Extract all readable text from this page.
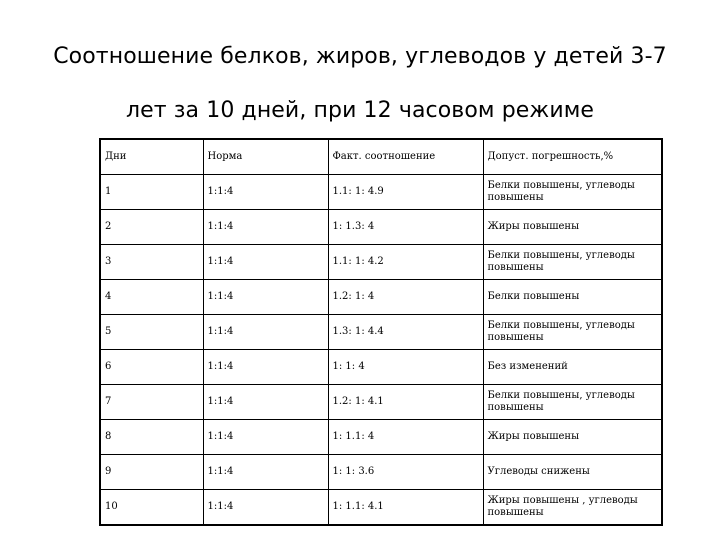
Соотношение белков, жиров, углеводов у детей 3-7
лет за 10 дней, при 12 часовом режиме
Дни	Норма	Факт. соотношение	Допуст. погрешность,%
1	1:1:4	1.1: 1: 4.9	Белки повышены, углеводы повышены
2	1:1:4	1: 1.3: 4	Жиры повышены
3	1:1:4	1.1: 1: 4.2	Белки повышены, углеводы повышены
4	1:1:4	1.2: 1: 4	Белки повышены
5	1:1:4	1.3: 1: 4.4	Белки повышены, углеводы повышены
6	1:1:4	1: 1: 4	Без изменений
7	1:1:4	1.2: 1: 4.1	Белки повышены, углеводы повышены
8	1:1:4	1: 1.1: 4	Жиры повышены
9	1:1:4	1: 1: 3.6	Углеводы снижены
10	1:1:4	1: 1.1: 4.1	Жиры повышены , углеводы повышены
